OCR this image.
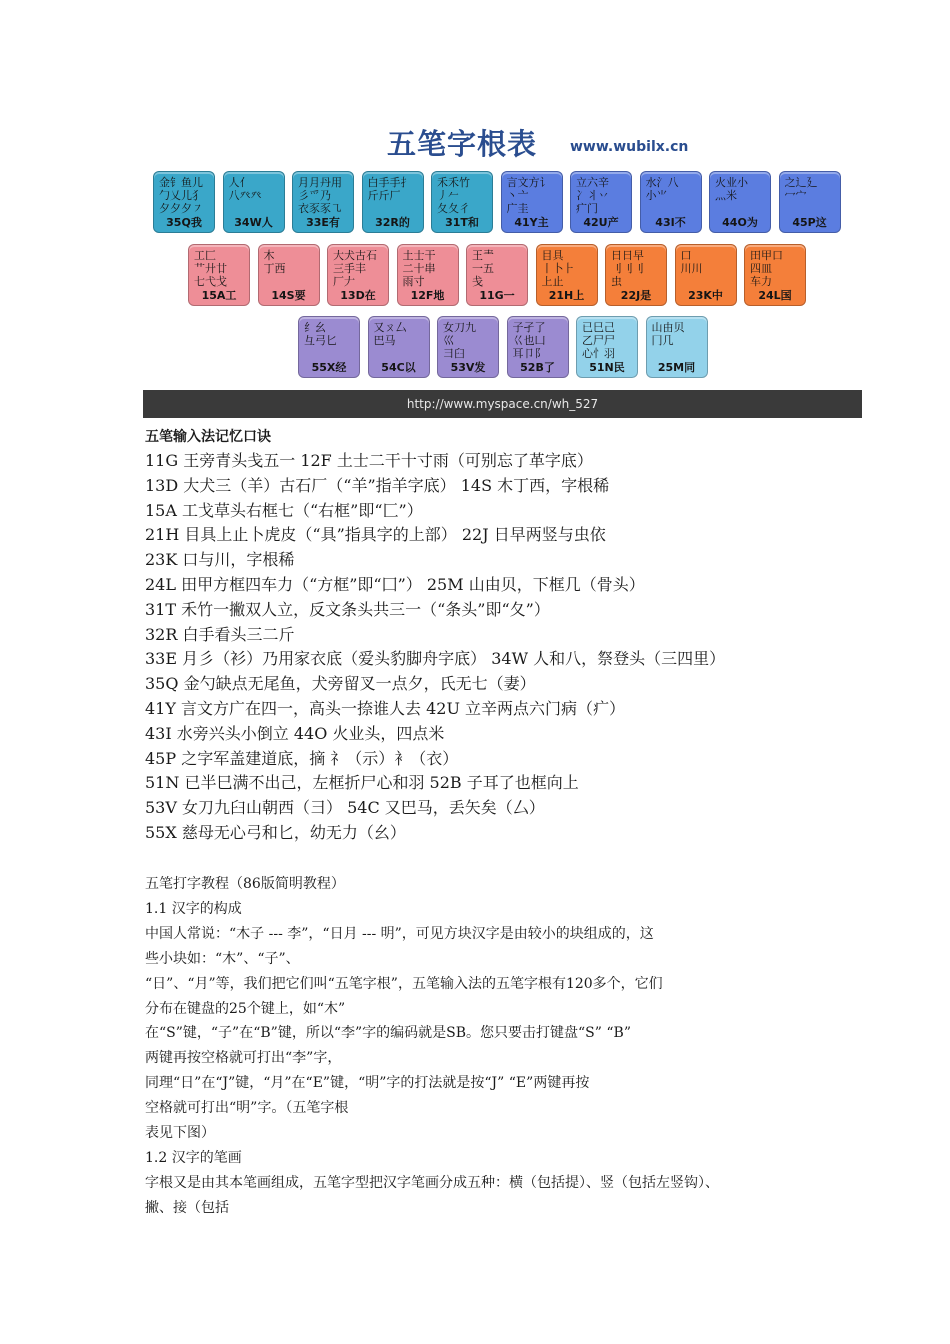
五笔字根表 www.wubilx.cn
金钅鱼儿
勹乂儿犭
夕夕夕㇇
35Q我
人亻
八癶癶
34W人
月月丹用
彡爫乃
衣豕豕㇈
33E有
白手手扌
斤斤厂
32R的
禾禾竹
丿𠂉
夂夂彳
31T和
言文方讠
丶亠
广圭
41Y主
立六辛
冫丬丷
疒门
42U产
水氵八
小⺌
43I不
火业小
灬米
44O为
之辶廴
冖宀
45P这
工匚
艹廾廿
七弋戈
15A工
木
丁西
14S要
大犬古石
三手丰
厂𠂇
13D在
土士干
二十串
雨寸
12F地
王龶
一五
戋
11G一
目具
丨卜⺊
上止
21H上
日日早
刂刂刂
虫
22J是
口
川川
23K中
田甲口
四皿
车力
24L国
纟幺
彑弓匕
55X经
又ㄡ厶
巴马
54C以
女刀九
巛
彐臼
53V发
子孑了
巜也凵
耳卩阝
52B了
已巳己
乙尸尸
心忄羽
51N民
山由贝
冂几
25M同
http://www.myspace.cn/wh_527
五笔输入法记忆口诀
11G 王旁青头戋五一 12F 土士二干十寸雨（可别忘了革字底）
13D 大犬三（羊）古石厂（“羊”指羊字底） 14S 木丁西，字根稀
15A 工戈草头右框七（“右框”即“匚”）
21H 目具上止卜虎皮（“具”指具字的上部） 22J 日早两竖与虫依
23K 口与川，字根稀
24L 田甲方框四车力（“方框”即“囗”） 25M 山由贝，下框几（骨头）
31T 禾竹一撇双人立，反文条头共三一（“条头”即“夂”）
32R 白手看头三二斤
33E 月彡（衫）乃用家衣底（爱头豹脚舟字底） 34W 人和八，祭登头（三四里）
35Q 金勺缺点无尾鱼，犬旁留叉一点夕，氏无七（妻）
41Y 言文方广在四一，高头一捺谁人去 42U 立辛两点六门病（疒）
43I 水旁兴头小倒立 44O 火业头，四点米
45P 之字军盖建道底，摘 礻（示）衤（衣）
51N 已半巳满不出己，左框折尸心和羽 52B 子耳了也框向上
53V 女刀九臼山朝西（彐） 54C 又巴马，丢矢矣（厶）
55X 慈母无心弓和匕，幼无力（幺）
五笔打字教程（86版简明教程）
1.1 汉字的构成
中国人常说：“木子 --- 李”，“日月 --- 明”，可见方块汉字是由较小的块组成的，这
些小块如：“木”、“子”、
“日”、“月”等，我们把它们叫“五笔字根”，五笔输入法的五笔字根有120多个，它们
分布在键盘的25个键上，如“木”
在“S”键，“子”在“B”键，所以“李”字的编码就是SB。您只要击打键盘“S” “B”
两键再按空格就可打出“李”字，
同理“日”在“J”键，“月”在“E”键，“明”字的打法就是按“J” “E”两键再按
空格就可打出“明”字。（五笔字根
表见下图）
1.2 汉字的笔画
字根又是由其本笔画组成，五笔字型把汉字笔画分成五种：横（包括提）、竖（包括左竖钩）、
撇、接（包括
